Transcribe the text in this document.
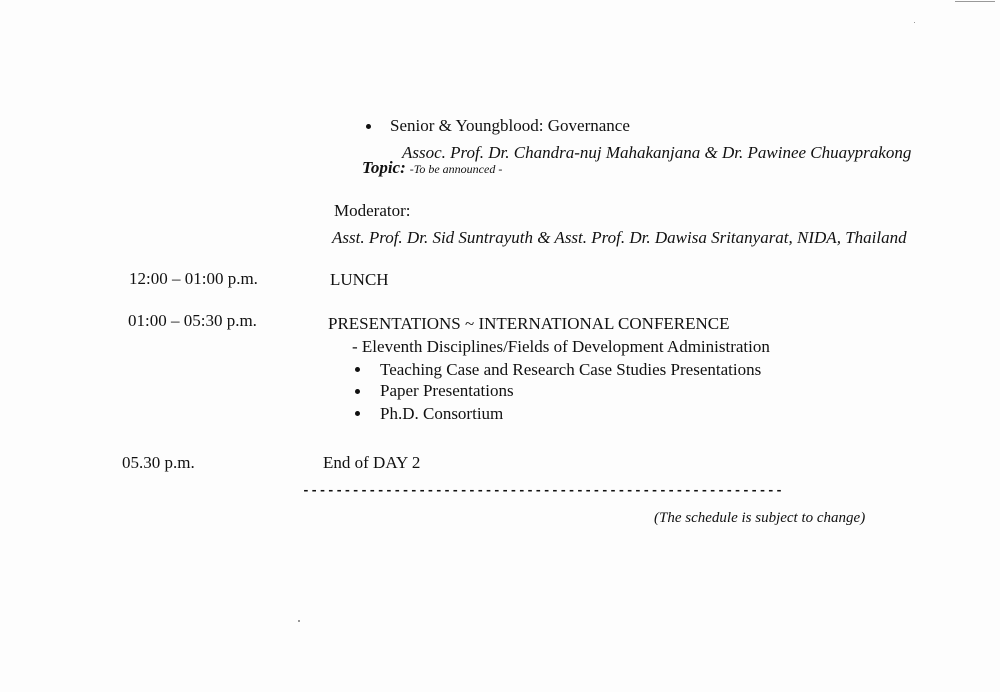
Senior & Youngblood: Governance
Assoc. Prof. Dr. Chandra-nuj Mahakanjana & Dr. Pawinee Chuayprakong
Topic: -To be announced -
Moderator:
Asst. Prof. Dr. Sid Suntrayuth & Asst. Prof. Dr. Dawisa Sritanyarat, NIDA, Thailand
12:00 – 01:00 p.m.	LUNCH
01:00 – 05:30 p.m.	PRESENTATIONS ~ INTERNATIONAL CONFERENCE
- Eleventh Disciplines/Fields of Development Administration
Teaching Case and Research Case Studies Presentations
Paper Presentations
Ph.D. Consortium
05.30 p.m.	End of DAY 2
----------------------------------------------------------
(The schedule is subject to change)
